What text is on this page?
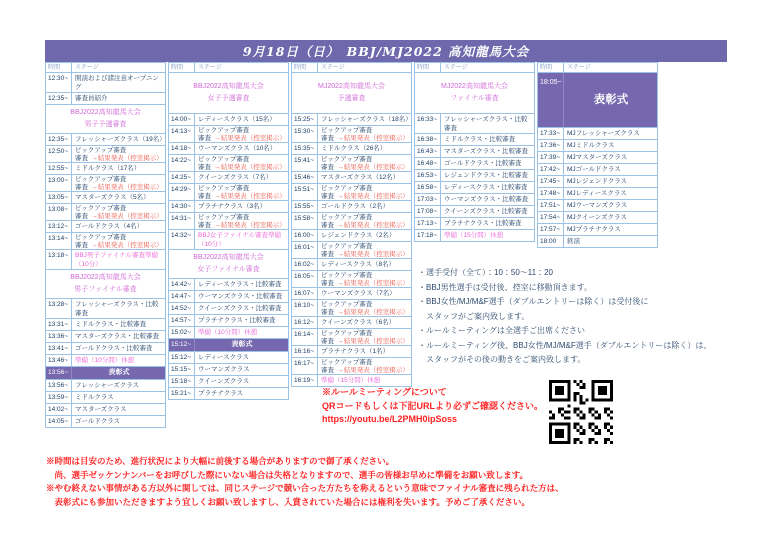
9月18日（日）　BBJ/MJ2022 高知龍馬大会
時間	ステージ
12:30~	開演および諸注意オープニング
12:35~	審査員紹介
BBJ2022高知龍馬大会
男子予選審査
12:35~	フレッシャーズクラス（19名）
12:50~	ピックアップ審査
審査  →結果発表（控室掲示）
12:55~	ミドルクラス（17名）
13:00~	ピックアップ審査
審査  →結果発表（控室掲示）
13:05~	マスターズクラス（5名）
13:08~	ピックアップ審査
審査  →結果発表（控室掲示）
13:12~	ゴールドクラス（4名）
13:14~	ピックアップ審査
審査  →結果発表（控室掲示）
13:18~	BBJ男子ファイナル審査準備（10分）
BBJ2022高知龍馬大会
男子ファイナル審査
13:28~	フレッシャーズクラス・比較審査
13:31~	ミドルクラス・比較審査
13:36~	マスターズクラス・比較審査
13:41~	ゴールドクラス・比較審査
13:46~	準備（10分間）休憩
13:56~	表彰式
13:56~	フレッシャーズクラス
13:59~	ミドルクラス
14:02~	マスターズクラス
14:05~	ゴールドクラス
時間	ステージ
BBJ2022高知龍馬大会
女子予選審査
14:00~	レディースクラス（15名）
14:13~	ピックアップ審査
審査  →結果発表（控室掲示）
14:18~	ウーマンズクラス（10名）
14:22~	ピックアップ審査
審査  →結果発表（控室掲示）
14:25~	クイーンズクラス（7名）
14:29~	ピックアップ審査
審査  →結果発表（控室掲示）
14:30~	プラチナクラス（3名）
14:31~	ピックアップ審査
審査  →結果発表（控室掲示）
14:32~	BBJ女子ファイナル審査準備（10分）
BBJ2022高知龍馬大会
女子ファイナル審査
14:42~	レディースクラス・比較審査
14:47~	ウーマンズクラス・比較審査
14:52~	クイーンズクラス・比較審査
14:57~	プラチナクラス・比較審査
15:02~	準備（10分間）休憩
15:12~	表彰式
15:12~	レディースクラス
15:15~	ウーマンズクラス
15:18~	クイーンズクラス
15:21~	プラチナクラス
時間	ステージ
MJ2022高知龍馬大会
予選審査
15:25~	フレッシャーズクラス（18名）
15:30~	ピックアップ審査
審査  →結果発表（控室掲示）
15:35~	ミドルクラス（26名）
15:41~	ピックアップ審査
審査  →結果発表（控室掲示）
15:46~	マスターズクラス（12名）
15:51~	ピックアップ審査
審査  →結果発表（控室掲示）
15:55~	ゴールドクラス（2名）
15:58~	ピックアップ審査
審査  →結果発表（控室掲示）
16:00~	レジェンドクラス（2名）
16:01~	ピックアップ審査
審査  →結果発表（控室掲示）
16:02~	レディースクラス（8名）
16:05~	ピックアップ審査
審査  →結果発表（控室掲示）
16:07~	ウーマンズクラス（7名）
16:10~	ピックアップ審査
審査  →結果発表（控室掲示）
16:12~	クイーンズクラス（6名）
16:14~	ピックアップ審査
審査  →結果発表（控室掲示）
16:16~	プラチナクラス（1名）
16:17~	ピックアップ審査
審査  →結果発表（控室掲示）
16:19~	準備（15分間）休憩
時間	ステージ
MJ2022高知龍馬大会
ファイナル審査
16:33~	フレッシャーズクラス・比較審査
16:38~	ミドルクラス・比較審査
16:43~	マスターズクラス・比較審査
16:48~	ゴールドクラス・比較審査
16:53~	レジェンドクラス・比較審査
16:58~	レディースクラス・比較審査
17:03~	ウーマンズクラス・比較審査
17:08~	クイーンズクラス・比較審査
17:13~	プラチナクラス・比較審査
17:18~	準備（15分間）休憩
時間	ステージ
18:05~
表彰式
17:33~	MJフレッシャーズクラス
17:36~	MJミドルクラス
17:39~	MJマスターズクラス
17:42~	MJゴールドクラス
17:45~	MJレジェンドクラス
17:48~	MJレディースクラス
17:51~	MJウーマンズクラス
17:54~	MJクイーンズクラス
17:57~	MJプラチナクラス
18:00	終演
・選手受付（全て）：10：50～11：20
・BBJ男性選手は受付後、控室に移動頂きます。
・BBJ女性/MJ/M&F選手（ダブルエントリーは除く）は受付後に
　スタッフがご案内致します。
・ルールミーティングは全選手ご出席ください
・ルールミーティング後、BBJ女性/MJ/M&F選手（ダブルエントリーは除く）は、
　スタッフがその後の動きをご案内致します。
※ルールミーティングについて
QRコードもしくは下記URLより必ずご確認ください。
https://youtu.be/L2PMH0ipSoss
※時間は目安のため、進行状況により大幅に前後する場合がありますので御了承ください。
　尚、選手ゼッケンナンバーをお呼びした際にいない場合は失格となりますので、選手の皆様お早めに準備をお願い致します。
※やむ終えない事情がある方以外に関しては、同じステージで競い合った方たちを称えるという意味でファイナル審査に残られた方は、
　表彰式にも参加いただきますよう宜しくお願い致しますし、入賞されていた場合には権利を失います。予めご了承ください。
